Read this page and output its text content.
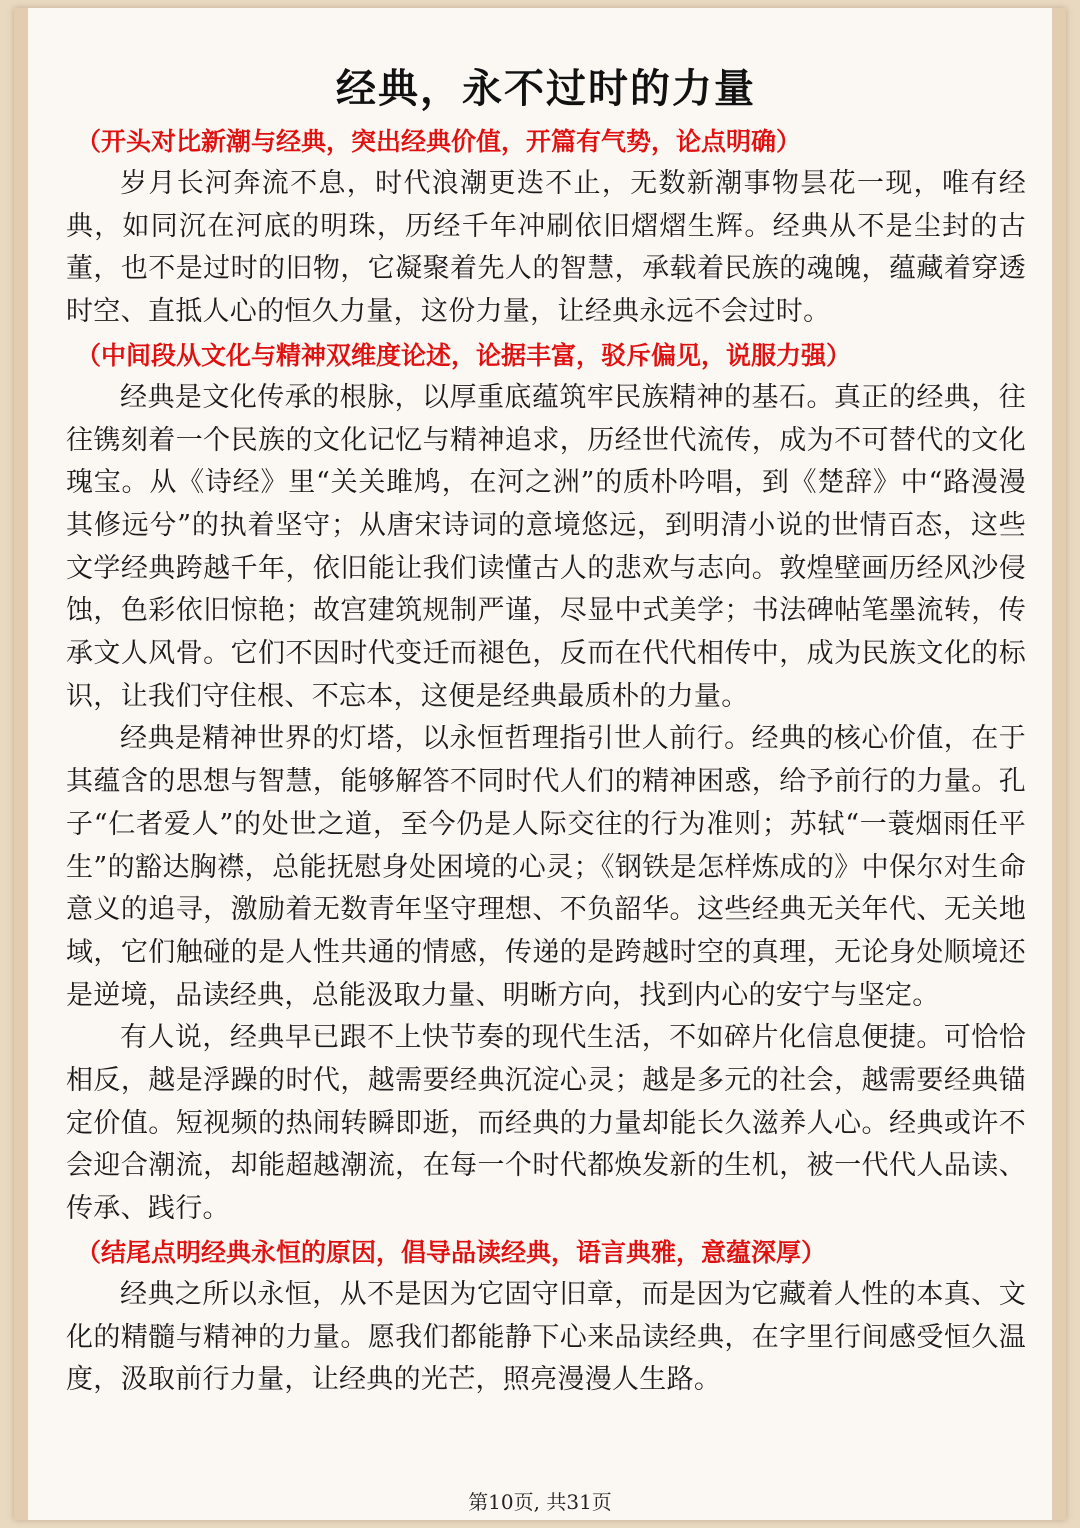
经典，永不过时的力量

（开头对比新潮与经典，突出经典价值，开篇有气势，论点明确）

岁月长河奔流不息，时代浪潮更迭不止，无数新潮事物昙花一现，唯有经典，如同沉在河底的明珠，历经千年冲刷依旧熠熠生辉。经典从不是尘封的古董，也不是过时的旧物，它凝聚着先人的智慧，承载着民族的魂魄，蕴藏着穿透时空、直抵人心的恒久力量，这份力量，让经典永远不会过时。

（中间段从文化与精神双维度论述，论据丰富，驳斥偏见，说服力强）

经典是文化传承的根脉，以厚重底蕴筑牢民族精神的基石。真正的经典，往往镌刻着一个民族的文化记忆与精神追求，历经世代流传，成为不可替代的文化瑰宝。从《诗经》里“关关雎鸠，在河之洲”的质朴吟唱，到《楚辞》中“路漫漫其修远兮”的执着坚守；从唐宋诗词的意境悠远，到明清小说的世情百态，这些文学经典跨越千年，依旧能让我们读懂古人的悲欢与志向。敦煌壁画历经风沙侵蚀，色彩依旧惊艳；故宫建筑规制严谨，尽显中式美学；书法碑帖笔墨流转，传承文人风骨。它们不因时代变迁而褪色，反而在代代相传中，成为民族文化的标识，让我们守住根、不忘本，这便是经典最质朴的力量。

经典是精神世界的灯塔，以永恒哲理指引世人前行。经典的核心价值，在于其蕴含的思想与智慧，能够解答不同时代人们的精神困惑，给予前行的力量。孔子“仁者爱人”的处世之道，至今仍是人际交往的行为准则；苏轼“一蓑烟雨任平生”的豁达胸襟，总能抚慰身处困境的心灵；《钢铁是怎样炼成的》中保尔对生命意义的追寻，激励着无数青年坚守理想、不负韶华。这些经典无关年代、无关地域，它们触碰的是人性共通的情感，传递的是跨越时空的真理，无论身处顺境还是逆境，品读经典，总能汲取力量、明晰方向，找到内心的安宁与坚定。

有人说，经典早已跟不上快节奏的现代生活，不如碎片化信息便捷。可恰恰相反，越是浮躁的时代，越需要经典沉淀心灵；越是多元的社会，越需要经典锚定价值。短视频的热闹转瞬即逝，而经典的力量却能长久滋养人心。经典或许不会迎合潮流，却能超越潮流，在每一个时代都焕发新的生机，被一代代人品读、传承、践行。

（结尾点明经典永恒的原因，倡导品读经典，语言典雅，意蕴深厚）

经典之所以永恒，从不是因为它固守旧章，而是因为它藏着人性的本真、文化的精髓与精神的力量。愿我们都能静下心来品读经典，在字里行间感受恒久温度，汲取前行力量，让经典的光芒，照亮漫漫人生路。

第10页, 共31页
